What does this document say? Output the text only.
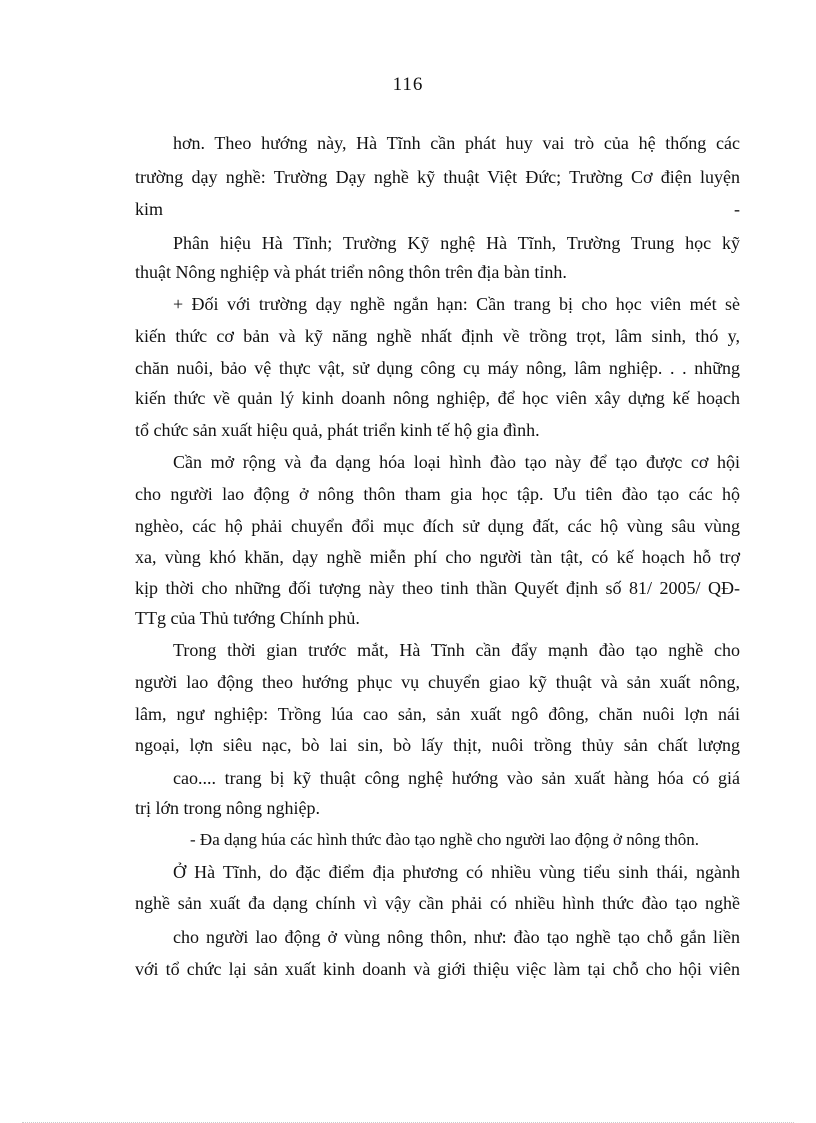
116
hơn. Theo hướng này, Hà Tĩnh cần phát huy vai trò của hệ thống các
trường dạy nghề: Trường Dạy nghề kỹ thuật Việt Đức; Trường Cơ điện luyện
kim	-
Phân hiệu Hà Tĩnh; Trường Kỹ nghệ Hà Tĩnh, Trường Trung học kỹ
thuật Nông nghiệp và phát triển nông thôn trên địa bàn tỉnh.
+ Đối với trường dạy nghề ngắn hạn: Cần trang bị cho học viên mét sè
kiến thức cơ bản và kỹ năng nghề nhất định về trồng trọt, lâm sinh, thó y,
chăn nuôi, bảo vệ thực vật, sử dụng công cụ máy nông, lâm nghiệp. . . những
kiến thức về quản lý kinh doanh nông nghiệp, để học viên xây dựng kế hoạch
tổ chức sản xuất hiệu quả, phát triển kinh tế hộ gia đình.
Cần mở rộng và đa dạng hóa loại hình đào tạo này để tạo được cơ hội
cho người lao động ở nông thôn tham gia học tập. Ưu tiên đào tạo các hộ
nghèo, các hộ phải chuyển đổi mục đích sử dụng đất, các hộ vùng sâu vùng
xa, vùng khó khăn, dạy nghề miễn phí cho người tàn tật, có kế hoạch hỗ trợ
kịp thời cho những đối tượng này theo tinh thần Quyết định số 81/ 2005/ QĐ-
TTg của Thủ tướng Chính phủ.
Trong thời gian trước mắt, Hà Tĩnh cần đẩy mạnh đào tạo nghề cho
người lao động theo hướng phục vụ chuyển giao kỹ thuật và sản xuất nông,
lâm, ngư nghiệp: Trồng lúa cao sản, sản xuất ngô đông, chăn nuôi lợn nái
ngoại, lợn siêu nạc, bò lai sin, bò lấy thịt, nuôi trồng thủy sản chất lượng
cao.... trang bị kỹ thuật công nghệ hướng vào sản xuất hàng hóa có giá
trị lớn trong nông nghiệp.
- Đa dạng húa các hình thức đào tạo nghề cho người lao động ở nông thôn.
Ở Hà Tĩnh, do đặc điểm địa phương có nhiều vùng tiểu sinh thái, ngành
nghề sản xuất đa dạng chính vì vậy cần phải có nhiều hình thức đào tạo nghề
cho người lao động ở vùng nông thôn, như: đào tạo nghề tạo chỗ gắn liền
với tổ chức lại sản xuất kinh doanh và giới thiệu việc làm tại chỗ cho hội viên
